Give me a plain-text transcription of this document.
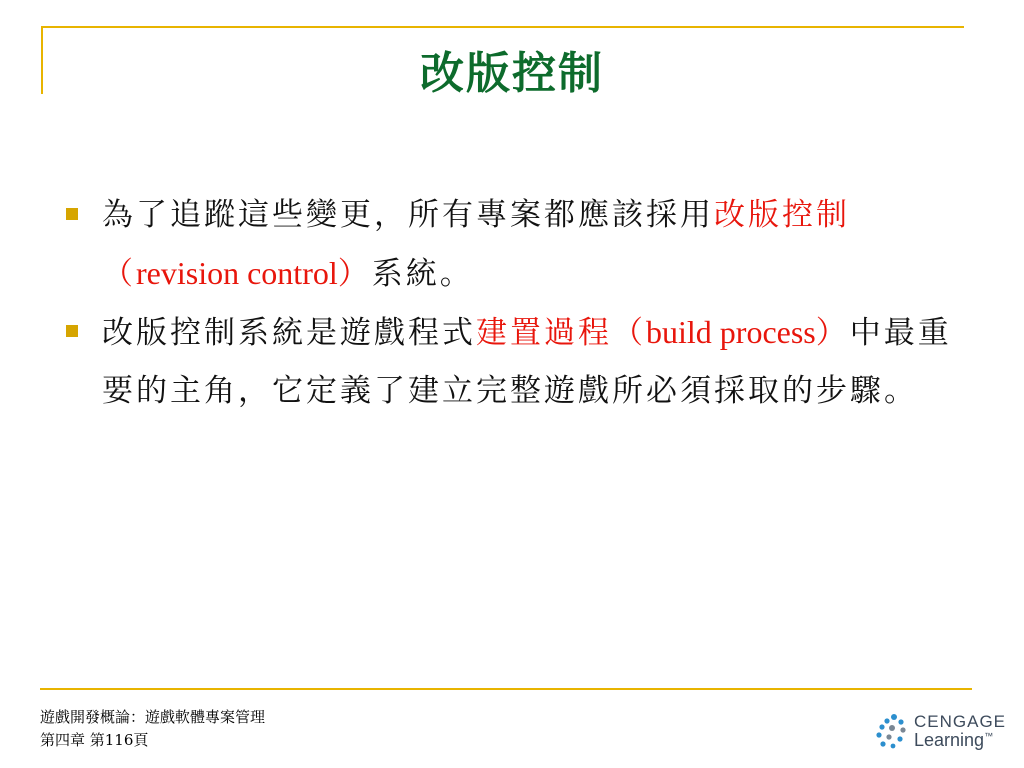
改版控制
為了追蹤這些變更，所有專案都應該採用改版控制（revision control）系統。
改版控制系統是遊戲程式建置過程（build process）中最重要的主角，它定義了建立完整遊戲所必須採取的步驟。
遊戲開發概論：遊戲軟體專案管理
第四章 第116頁
CENGAGE
Learning™
